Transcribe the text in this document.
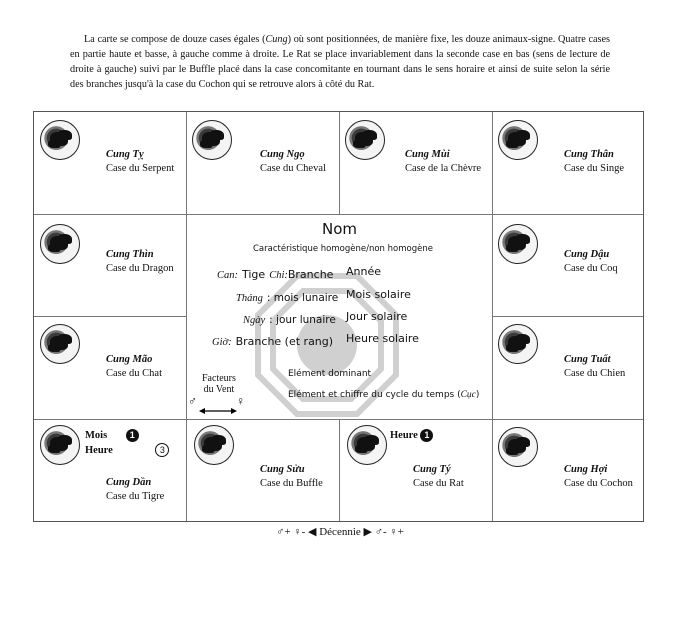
La carte se compose de douze cases égales (Cung) où sont positionnées, de manière fixe, les douze animaux-signe. Quatre cases en partie haute et basse, à gauche comme à droite. Le Rat se place invariablement dans la seconde case en bas (sens de lecture de droite à gauche) suivi par le Buffle placé dans la case concomitante en tournant dans le sens horaire et ainsi de suite selon la série des branches jusqu'à la case du Cochon qui se retrouve alors à côté du Rat.

Cung Tỵ
Case du Serpent
Cung Ngọ
Case du Cheval
Cung Mùi
Case de la Chèvre
Cung Thân
Case du Singe
Cung Thìn
Case du Dragon
Cung Dậu
Case du Coq
Cung Mão
Case du Chat
Cung Tuất
Case du Chien
Mois	1
Heure	3
Cung Dần
Case du Tigre
Cung Sửu
Case du Buffle
Heure 1
Cung Tý
Case du Rat
Cung Hợi
Case du Cochon
Nom
Caractéristique homogène/non homogène
Can: Tige Chi:Branche Année
Tháng : mois lunaire Mois solaire
Ngày : jour lunaire Jour solaire
Giờ: Branche (et rang) Heure solaire
Facteurs
du Vent
♂	♀
Elément dominant
Elément et chiffre du cycle du temps (Cục)
♂+ ♀- ◀ Décennie ▶ ♂- ♀+
